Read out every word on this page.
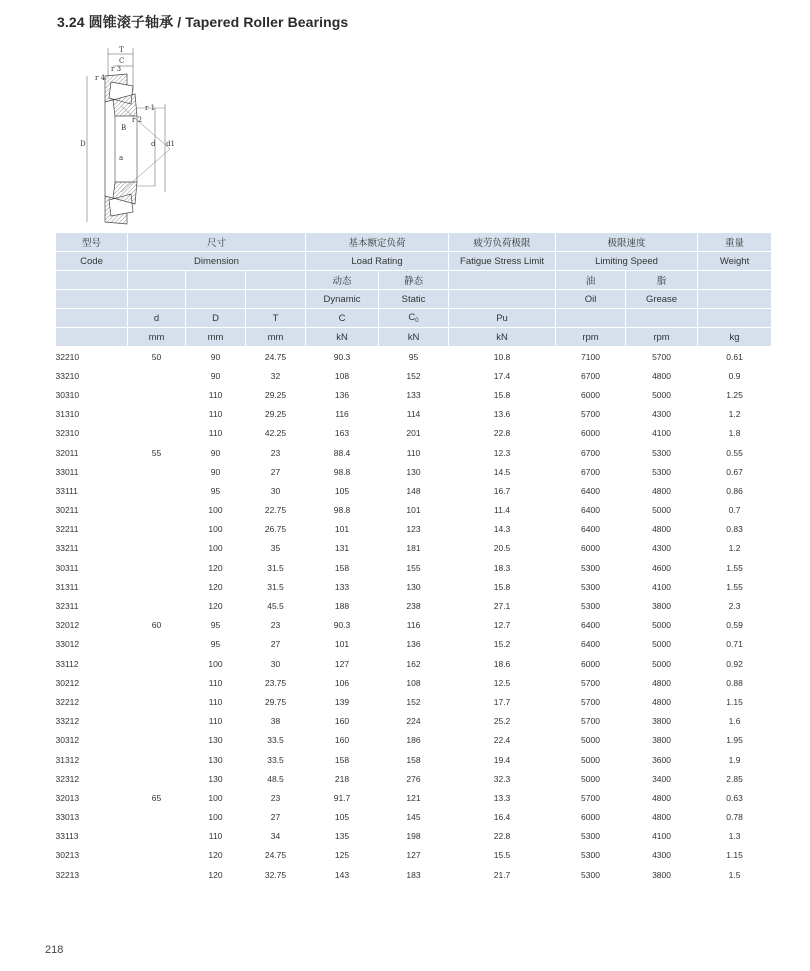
3.24 圆锥滚子轴承 / Tapered Roller Bearings
T
C
r 3
r 4
D	d d1
r 1
r 2
B
a
型号	尺寸			基本额定负荷		疲劳负荷极限	极限速度		重量
Code	Dimension			Load Rating		Fatigue Stress Limit	Limiting Speed		Weight
				动态	静态		油	脂	
				Dynamic	Static		Oil	Grease	
	d	D	T	C	$C_0$	Pu			
	mm	mm	mm	kN	kN	kN	rpm	rpm	kg
32210	50	90	24.75	90.3	95	10.8	7100	5700	0.61
33210		90	32	108	152	17.4	6700	4800	0.9
30310		110	29.25	136	133	15.8	6000	5000	1.25
31310		110	29.25	116	114	13.6	5700	4300	1.2
32310		110	42.25	163	201	22.8	6000	4100	1.8
32011	55	90	23	88.4	110	12.3	6700	5300	0.55
33011		90	27	98.8	130	14.5	6700	5300	0.67
33111		95	30	105	148	16.7	6400	4800	0.86
30211		100	22.75	98.8	101	11.4	6400	5000	0.7
32211		100	26.75	101	123	14.3	6400	4800	0.83
33211		100	35	131	181	20.5	6000	4300	1.2
30311		120	31.5	158	155	18.3	5300	4600	1.55
31311		120	31.5	133	130	15.8	5300	4100	1.55
32311		120	45.5	188	238	27.1	5300	3800	2.3
32012	60	95	23	90.3	116	12.7	6400	5000	0.59
33012		95	27	101	136	15.2	6400	5000	0.71
33112		100	30	127	162	18.6	6000	5000	0.92
30212		110	23.75	106	108	12.5	5700	4800	0.88
32212		110	29.75	139	152	17.7	5700	4800	1.15
33212		110	38	160	224	25.2	5700	3800	1.6
30312		130	33.5	160	186	22.4	5000	3800	1.95
31312		130	33.5	158	158	19.4	5000	3600	1.9
32312		130	48.5	218	276	32.3	5000	3400	2.85
32013	65	100	23	91.7	121	13.3	5700	4800	0.63
33013		100	27	105	145	16.4	6000	4800	0.78
33113		110	34	135	198	22.8	5300	4100	1.3
30213		120	24.75	125	127	15.5	5300	4300	1.15
32213		120	32.75	143	183	21.7	5300	3800	1.5
218
